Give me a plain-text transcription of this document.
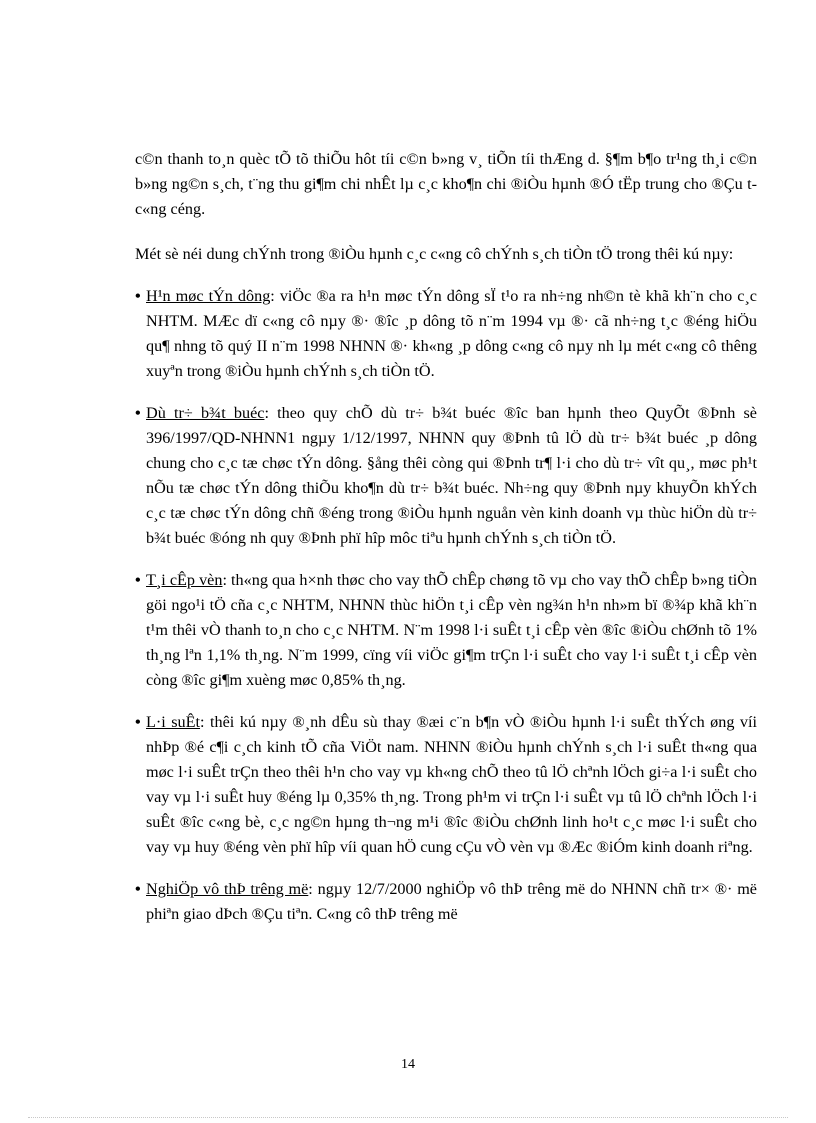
c©n thanh to¸n quèc tÕ tõ thiÕu hôt tíi c©n b»ng v¸ tiÕn tíi thÆng d. §¶m b¶o tr¹ng th¸i c©n b»ng ng©n s¸ch, t¨ng thu gi¶m chi nhÊt lµ c¸c kho¶n chi ®iÒu hµnh ®Ó tËp trung cho ®Çu t c«ng céng.

Mét sè néi dung chÝnh trong ®iÒu hµnh c¸c c«ng cô chÝnh s¸ch tiÒn tÖ trong thêi kú nµy:

• H¹n møc tÝn dông: viÖc ®a ra h¹n møc tÝn dông sÏ t¹o ra nh÷ng nh©n tè khã kh¨n cho c¸c NHTM. MÆc dï c«ng cô nµy ®· ®îc ¸p dông tõ n¨m 1994 vµ ®· cã nh÷ng t¸c ®éng hiÖu qu¶ nhng tõ quý II n¨m 1998 NHNN ®· kh«ng ¸p dông c«ng cô nµy nh lµ mét c«ng cô thêng xuyªn trong ®iÒu hµnh chÝnh s¸ch tiÒn tÖ.
• Dù tr÷ b¾t buéc: theo quy chÕ dù tr÷ b¾t buéc ®îc ban hµnh theo QuyÕt ®Þnh sè 396/1997/QD-NHNN1 ngµy 1/12/1997, NHNN quy ®Þnh tû lÖ dù tr÷ b¾t buéc ¸p dông chung cho c¸c tæ chøc tÝn dông. §ång thêi còng qui ®Þnh tr¶ l·i cho dù tr÷ vît qu¸, møc ph¹t nÕu tæ chøc tÝn dông thiÕu kho¶n dù tr÷ b¾t buéc. Nh÷ng quy ®Þnh nµy khuyÕn khÝch c¸c tæ chøc tÝn dông chñ ®éng trong ®iÒu hµnh nguån vèn kinh doanh vµ thùc hiÖn dù tr÷ b¾t buéc ®óng nh quy ®Þnh phï hîp môc tiªu hµnh chÝnh s¸ch tiÒn tÖ.
• T¸i cÊp vèn: th«ng qua h×nh thøc cho vay thÕ chÊp chøng tõ vµ cho vay thÕ chÊp b»ng tiÒn göi ngo¹i tÖ cña c¸c NHTM, NHNN thùc hiÖn t¸i cÊp vèn ng¾n h¹n nh»m bï ®¾p khã kh¨n t¹m thêi vÒ thanh to¸n cho c¸c NHTM. N¨m 1998 l·i suÊt t¸i cÊp vèn ®îc ®iÒu chØnh tõ 1% th¸ng lªn 1,1% th¸ng. N¨m 1999, cïng víi viÖc gi¶m trÇn l·i suÊt cho vay l·i suÊt t¸i cÊp vèn còng ®îc gi¶m xuèng møc 0,85% th¸ng.
• L·i suÊt: thêi kú nµy ®¸nh dÊu sù thay ®æi c¨n b¶n vÒ ®iÒu hµnh l·i suÊt thÝch øng víi nhÞp ®é c¶i c¸ch kinh tÕ cña ViÖt nam. NHNN ®iÒu hµnh chÝnh s¸ch l·i suÊt th«ng qua møc l·i suÊt trÇn theo thêi h¹n cho vay vµ kh«ng chÕ theo tû lÖ chªnh lÖch gi÷a l·i suÊt cho vay vµ l·i suÊt huy ®éng lµ 0,35% th¸ng. Trong ph¹m vi trÇn l·i suÊt vµ tû lÖ chªnh lÖch l·i suÊt ®îc c«ng bè, c¸c ng©n hµng th¬ng m¹i ®îc ®iÒu chØnh linh ho¹t c¸c møc l·i suÊt cho vay vµ huy ®éng vèn phï hîp víi quan hÖ cung cÇu vÒ vèn vµ ®Æc ®iÓm kinh doanh riªng.
• NghiÖp vô thÞ trêng më: ngµy 12/7/2000 nghiÖp vô thÞ trêng më do NHNN chñ tr× ®· më phiªn giao dÞch ®Çu tiªn. C«ng cô thÞ trêng më
14
